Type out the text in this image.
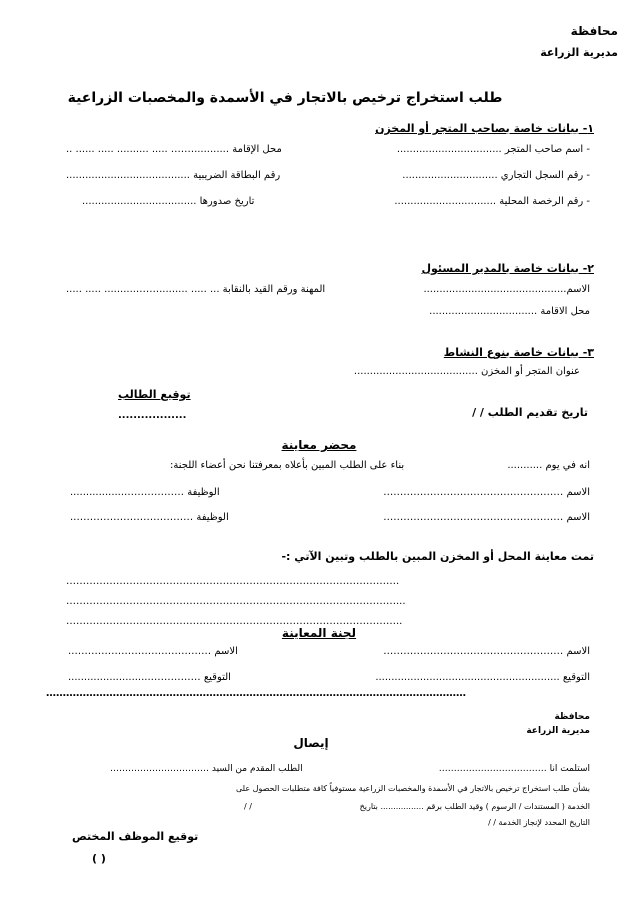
محافظة
مديرية الزراعة
طلب استخراج ترخيص بالاتجار في الأسمدة والمخصبات الزراعية
١- بيانات خاصة بصاحب المتجر أو المخزن
- اسم صاحب المتجر .................................
محل الإقامة ...........……. ..... .......... ..... ...... ..
- رقم السجل التجاري ..............................
رقم البطاقة الضريبية .......................................
- رقم الرخصة المحلية ................................
تاريخ صدورها ....................................
٢- بيانات خاصة بالمدير المسئول
الاسم.............................................
المهنة ورقم القيد بالنقابة ... ..... ..........…….......... ..... .....
محل الاقامة ..................................
٣- بيانات خاصة بنوع النشاط
عنوان المتجر أو المخزن .......................................
توقيع الطالب
..................	تاريخ تقديم الطلب / /
محضر معاينة
انه في يوم ...........
بناء على الطلب المبين بأعلاه بمعرفتنا نحن أعضاء اللجنة:
الاسم ………………………………………………
الوظيفة ……………….................
الاسم ………………………………………………
الوظيفة ……………………………….
تمت معاينة المحل أو المخزن المبين بالطلب وتبين الآتي :-
……………………………………………………………………………………….
………………………………………………………………………………………...
………………………………………………………………………………………..
لجنة المعاينة
الاسم ………………………………………………
الاسم …………………………………….
التوقيع ..........................................................
التوقيع ……………..........................
………………………………………………………………………………………………………………
محافظة
مديرية الزراعة
إيصال
استلمت انا ………………………………
الطلب المقدم من السيد ……………………………
بشأن طلب استخراج ترخيص بالاتجار في الأسمدة والمخصبات الزراعية مستوفياً كافة متطلبات الحصول على
الخدمة ( المستندات / الرسوم ) وقيد الطلب برقم ................. بتاريخ
/ /
التاريخ المحدد لإنجاز الخدمة / /
توقيع الموظف المختص
( )
